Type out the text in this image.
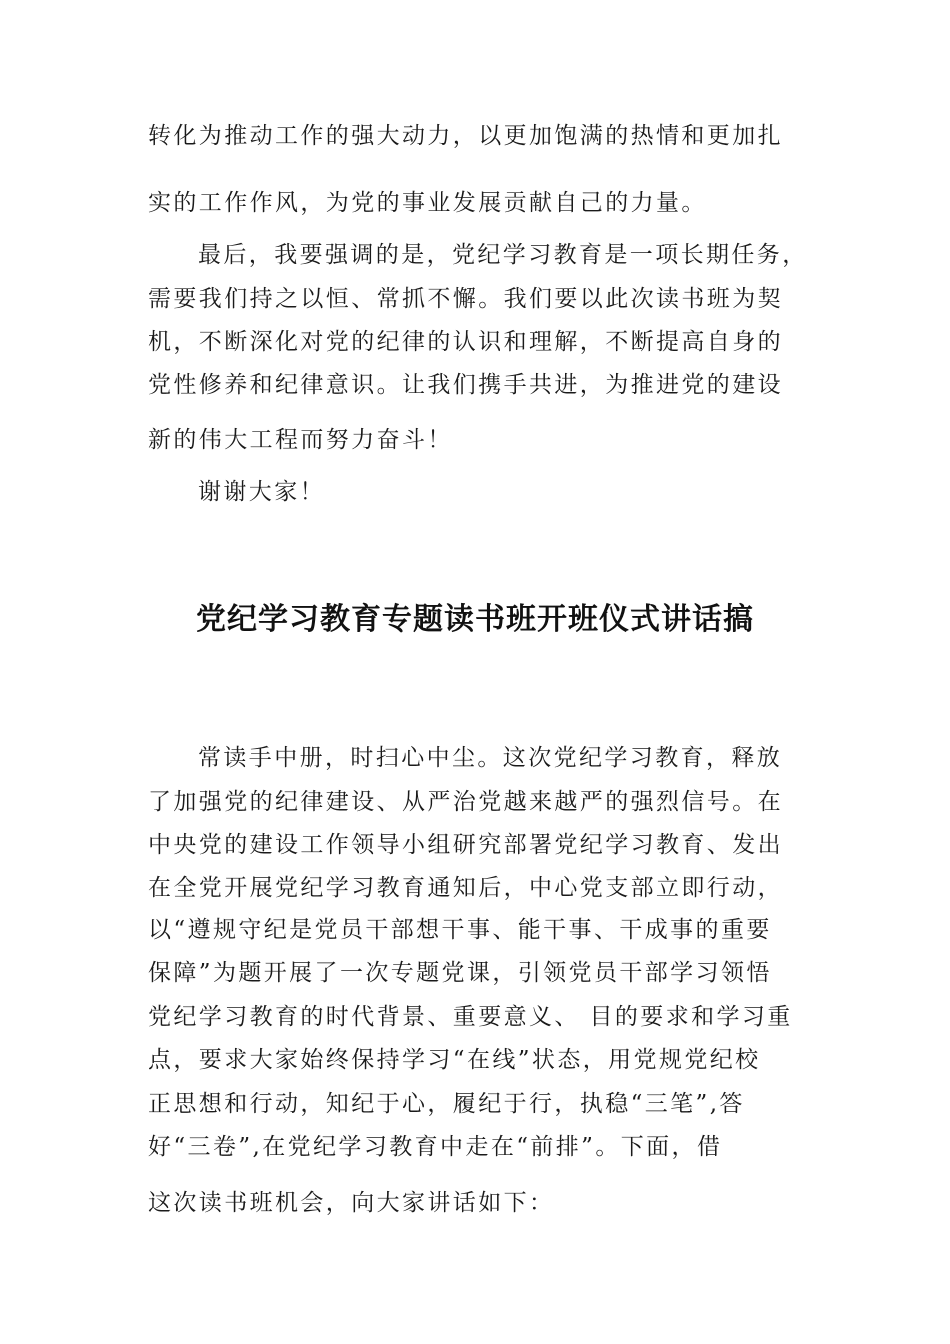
转化为推动工作的强大动力，以更加饱满的热情和更加扎
实的工作作风，为党的事业发展贡献自己的力量。
最后，我要强调的是，党纪学习教育是一项长期任务，
需要我们持之以恒、常抓不懈。我们要以此次读书班为契
机，不断深化对党的纪律的认识和理解，不断提高自身的
党性修养和纪律意识。让我们携手共进，为推进党的建设
新的伟大工程而努力奋斗！
谢谢大家！
党纪学习教育专题读书班开班仪式讲话搞
常读手中册，时扫心中尘。这次党纪学习教育，释放
了加强党的纪律建设、从严治党越来越严的强烈信号。在
中央党的建设工作领导小组研究部署党纪学习教育、发出
在全党开展党纪学习教育通知后，中心党支部立即行动，
以“遵规守纪是党员干部想干事、能干事、干成事的重要
保障”为题开展了一次专题党课，引领党员干部学习领悟
党纪学习教育的时代背景、重要意义、 目的要求和学习重
点，要求大家始终保持学习“在线”状态，用党规党纪校
正思想和行动，知纪于心，履纪于行，执稳“三笔”,答
好“三卷”,在党纪学习教育中走在“前排”。下面，借
这次读书班机会，向大家讲话如下：
